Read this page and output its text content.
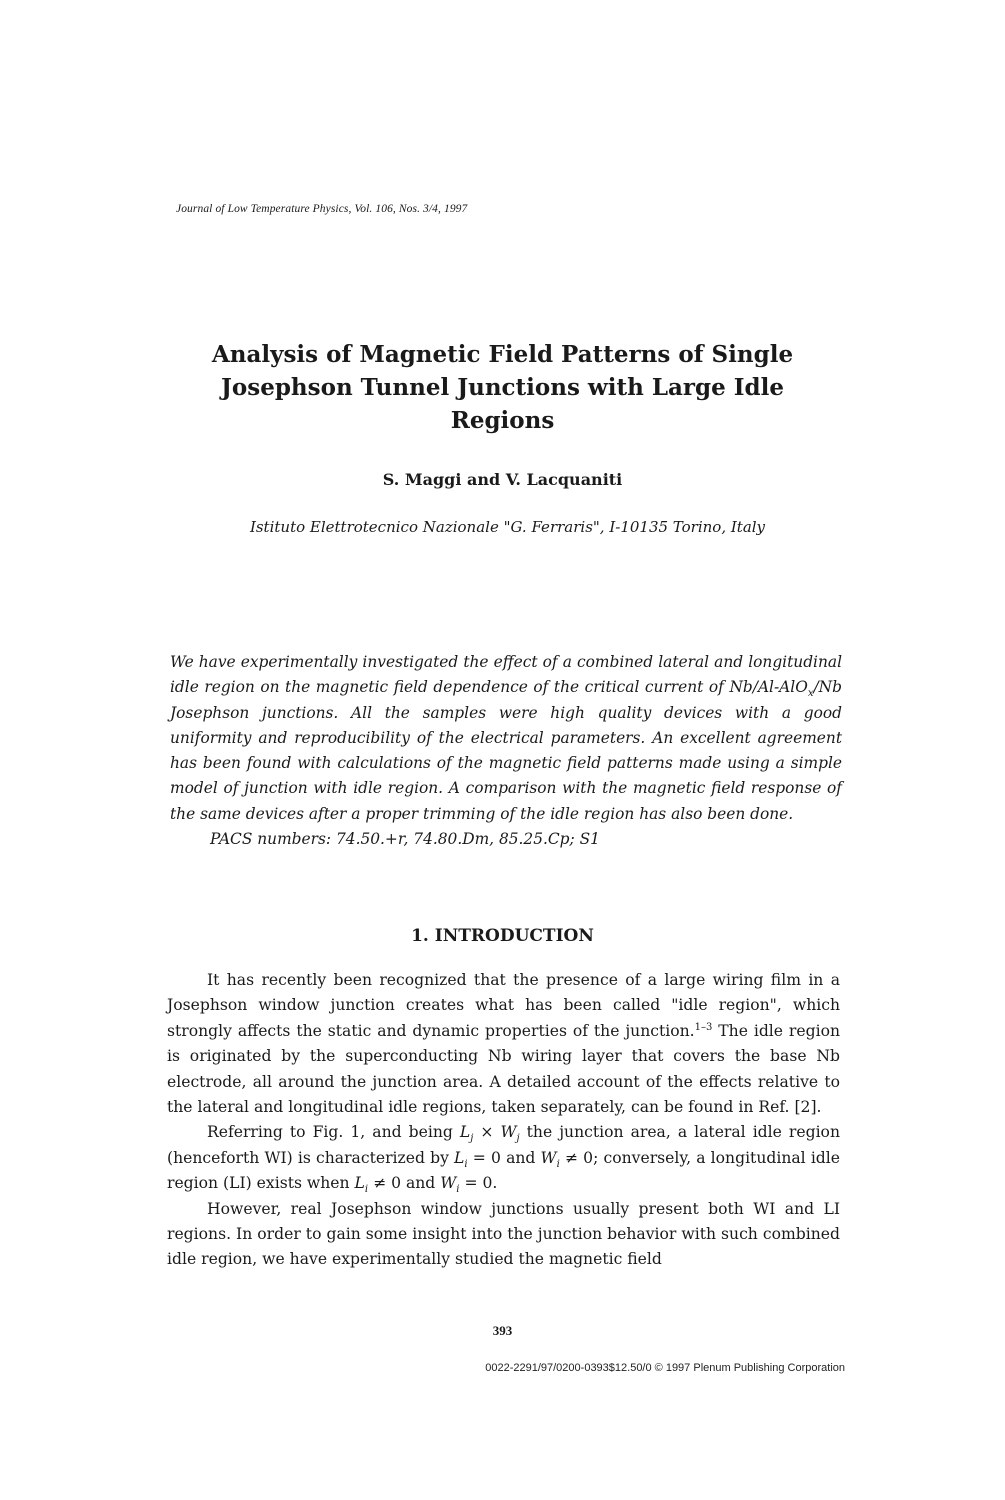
Journal of Low Temperature Physics, Vol. 106, Nos. 3/4, 1997
Analysis of Magnetic Field Patterns of Single
Josephson Tunnel Junctions with Large Idle
Regions
S. Maggi and V. Lacquaniti
Istituto Elettrotecnico Nazionale "G. Ferraris", I-10135 Torino, Italy

We have experimentally investigated the effect of a combined lateral and longitudinal idle region on the magnetic field dependence of the critical current of Nb/Al-AlO$_x$/Nb Josephson junctions. All the samples were high quality devices with a good uniformity and reproducibility of the electrical parameters. An excellent agreement has been found with calculations of the magnetic field patterns made using a simple model of junction with idle region. A comparison with the magnetic field response of the same devices after a proper trimming of the idle region has also been done.

PACS numbers: 74.50.+r, 74.80.Dm, 85.25.Cp; S1

1. INTRODUCTION

It has recently been recognized that the presence of a large wiring film in a Josephson window junction creates what has been called "idle region", which strongly affects the static and dynamic properties of the junction.$^{1-3}$ The idle region is originated by the superconducting Nb wiring layer that covers the base Nb electrode, all around the junction area. A detailed account of the effects relative to the lateral and longitudinal idle regions, taken separately, can be found in Ref. [2].

Referring to Fig. 1, and being $L_j \times W_j$ the junction area, a lateral idle region (henceforth WI) is characterized by $L_i = 0$ and $W_i \ne 0$; conversely, a longitudinal idle region (LI) exists when $L_i \ne 0$ and $W_i = 0$.

However, real Josephson window junctions usually present both WI and LI regions. In order to gain some insight into the junction behavior with such combined idle region, we have experimentally studied the magnetic field

393
0022-2291/97/0200-0393$12.50/0 © 1997 Plenum Publishing Corporation
